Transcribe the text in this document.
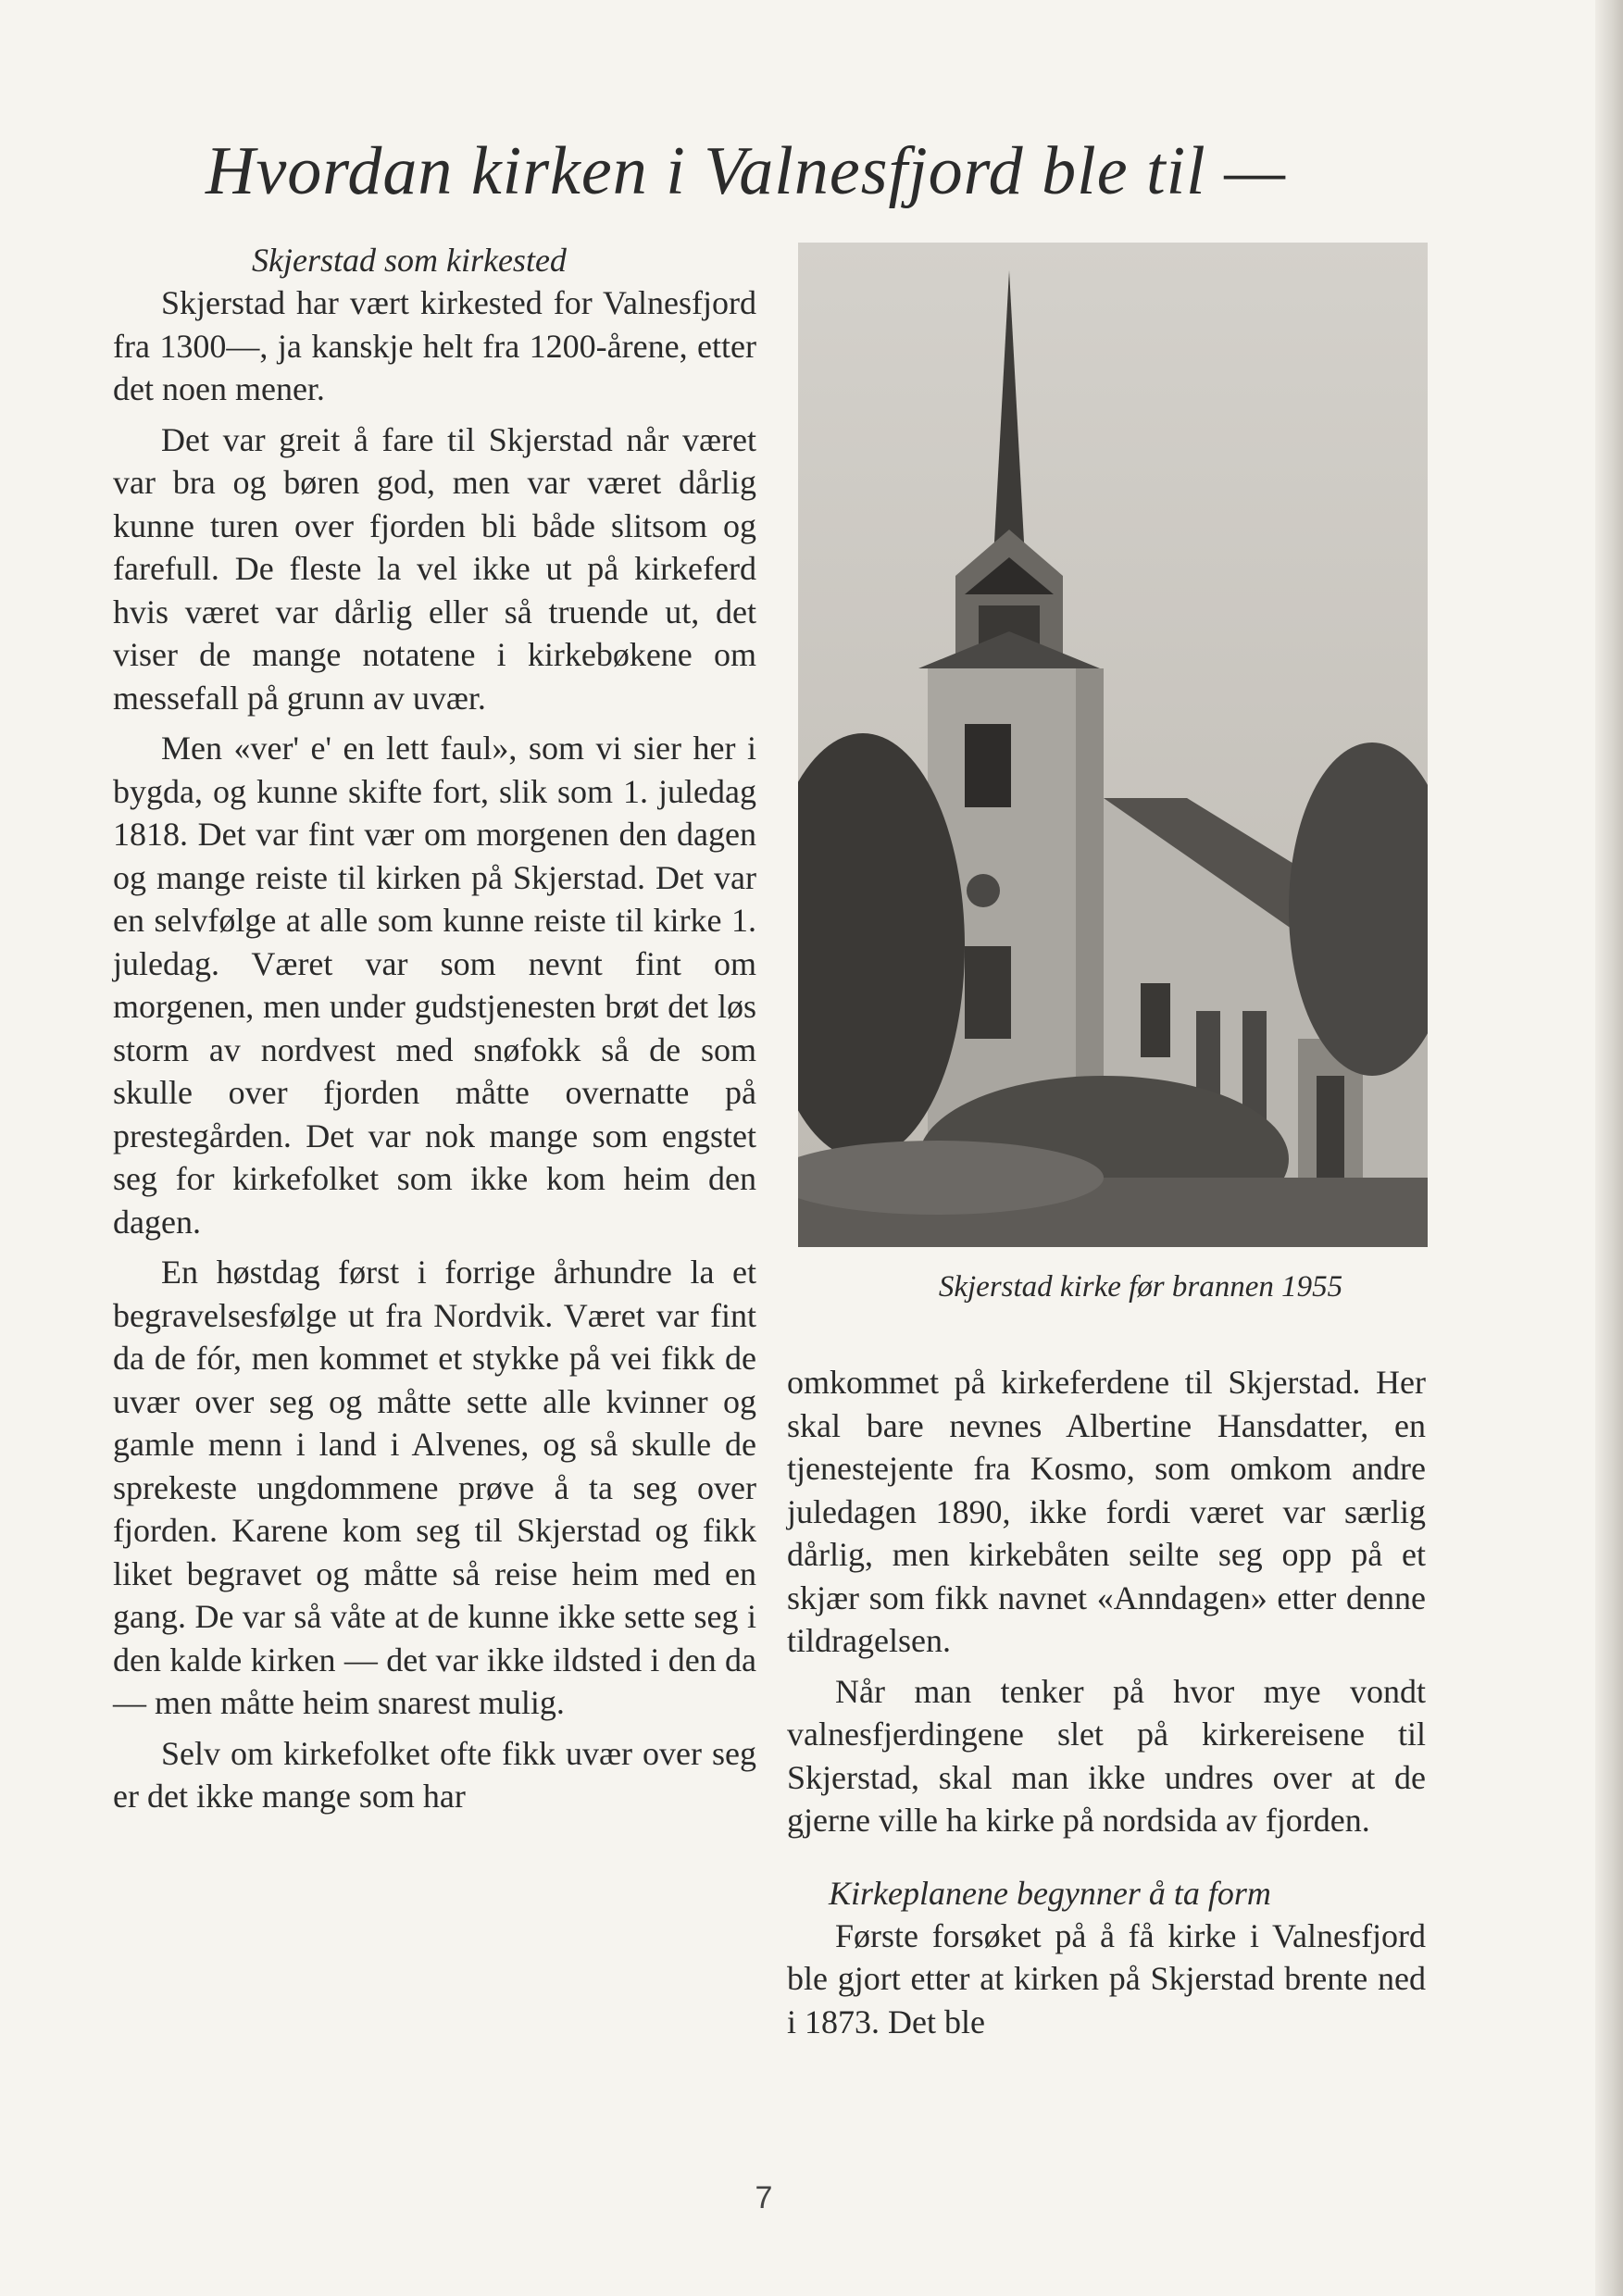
Hvordan kirken i Valnesfjord ble til —
Skjerstad som kirkested

Skjerstad har vært kirkested for Valnesfjord fra 1300—, ja kanskje helt fra 1200-årene, etter det noen mener.

Det var greit å fare til Skjerstad når været var bra og børen god, men var været dårlig kunne turen over fjorden bli både slitsom og farefull. De fleste la vel ikke ut på kirkeferd hvis været var dårlig eller så truende ut, det viser de mange notatene i kirkebøkene om messefall på grunn av uvær.

Men «ver' e' en lett faul», som vi sier her i bygda, og kunne skifte fort, slik som 1. juledag 1818. Det var fint vær om morgenen den dagen og mange reiste til kirken på Skjerstad. Det var en selvfølge at alle som kunne reiste til kirke 1. juledag. Været var som nevnt fint om morgenen, men under gudstjenesten brøt det løs storm av nordvest med snøfokk så de som skulle over fjorden måtte overnatte på prestegården. Det var nok mange som engstet seg for kirkefolket som ikke kom heim den dagen.

En høstdag først i forrige århundre la et begravelsesfølge ut fra Nordvik. Været var fint da de fór, men kommet et stykke på vei fikk de uvær over seg og måtte sette alle kvinner og gamle menn i land i Alvenes, og så skulle de sprekeste ungdommene prøve å ta seg over fjorden. Karene kom seg til Skjerstad og fikk liket begravet og måtte så reise heim med en gang. De var så våte at de kunne ikke sette seg i den kalde kirken — det var ikke ildsted i den da — men måtte heim snarest mulig.

Selv om kirkefolket ofte fikk uvær over seg er det ikke mange som har

Skjerstad kirke før brannen 1955

omkommet på kirkeferdene til Skjerstad. Her skal bare nevnes Albertine Hansdatter, en tjenestejente fra Kosmo, som omkom andre juledagen 1890, ikke fordi været var særlig dårlig, men kirkebåten seilte seg opp på et skjær som fikk navnet «Anndagen» etter denne tildragelsen.

Når man tenker på hvor mye vondt valnesfjerdingene slet på kirkereisene til Skjerstad, skal man ikke undres over at de gjerne ville ha kirke på nordsida av fjorden.

Kirkeplanene begynner å ta form

Første forsøket på å få kirke i Valnesfjord ble gjort etter at kirken på Skjerstad brente ned i 1873. Det ble

7
